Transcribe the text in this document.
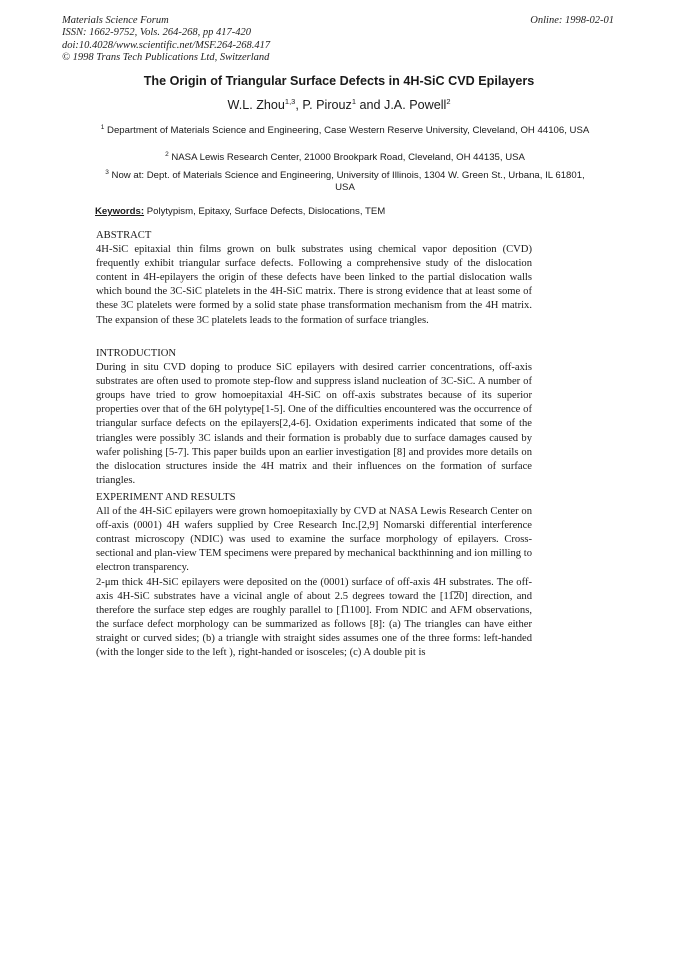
Materials Science Forum
ISSN: 1662-9752, Vols. 264-268, pp 417-420
doi:10.4028/www.scientific.net/MSF.264-268.417
© 1998 Trans Tech Publications Ltd, Switzerland
Online: 1998-02-01
The Origin of Triangular Surface Defects in 4H-SiC CVD Epilayers
W.L. Zhou$^{1,3}$, P. Pirouz$^1$ and J.A. Powell$^2$
$^1$ Department of Materials Science and Engineering, Case Western Reserve University, Cleveland, OH 44106, USA
$^2$ NASA Lewis Research Center, 21000 Brookpark Road, Cleveland, OH 44135, USA
$^3$ Now at: Dept. of Materials Science and Engineering, University of Illinois, 1304 W. Green St., Urbana, IL 61801, USA
Keywords: Polytypism, Epitaxy, Surface Defects, Dislocations, TEM
ABSTRACT

4H-SiC epitaxial thin films grown on bulk substrates using chemical vapor deposition (CVD) frequently exhibit triangular surface defects. Following a comprehensive study of the dislocation content in 4H-epilayers the origin of these defects have been linked to the partial dislocation walls which bound the 3C-SiC platelets in the 4H-SiC matrix. There is strong evidence that at least some of these 3C platelets were formed by a solid state phase transformation mechanism from the 4H matrix. The expansion of these 3C platelets leads to the formation of surface triangles.

INTRODUCTION

During in situ CVD doping to produce SiC epilayers with desired carrier concentrations, off-axis substrates are often used to promote step-flow and suppress island nucleation of 3C-SiC. A number of groups have tried to grow homoepitaxial 4H-SiC on off-axis substrates because of its superior properties over that of the 6H polytype[1-5]. One of the difficulties encountered was the occurrence of triangular surface defects on the epilayers[2,4-6]. Oxidation experiments indicated that some of the triangles were possibly 3C islands and their formation is probably due to surface damages caused by wafer polishing [5-7]. This paper builds upon an earlier investigation [8] and provides more details on the dislocation structures inside the 4H matrix and their influences on the formation of surface triangles.

EXPERIMENT AND RESULTS

All of the 4H-SiC epilayers were grown homoepitaxially by CVD at NASA Lewis Research Center on off-axis (0001) 4H wafers supplied by Cree Research Inc.[2,9] Nomarski differential interference contrast microscopy (NDIC) was used to examine the surface morphology of epilayers. Cross-sectional and plan-view TEM specimens were prepared by mechanical backthinning and ion milling to electron transparency.

2-μm thick 4H-SiC epilayers were deposited on the (0001) surface of off-axis 4H substrates. The off-axis 4H-SiC substrates have a vicinal angle of about 2.5 degrees toward the [11̅2̅0] direction, and therefore the surface step edges are roughly parallel to [1̅1100]. From NDIC and AFM observations, the surface defect morphology can be summarized as follows [8]: (a) The triangles can have either straight or curved sides; (b) a triangle with straight sides assumes one of the three forms: left-handed (with the longer side to the left ), right-handed or isosceles; (c) A double pit is
